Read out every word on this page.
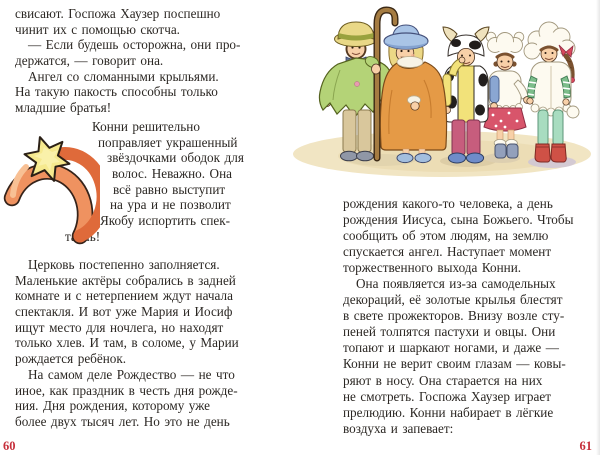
свисают. Госпожа Хаузер поспешно
чинит их с помощью скотча.
— Если будешь осторожна, они про-
держатся, — говорит она.
Ангел со сломанными крыльями.
На такую пакость способны только
младшие братья!
Конни решительно
поправляет украшенный
звёздочками ободок для
волос. Неважно. Она
всё равно выступит
на ура и не позволит
Якобу испортить спек-
такль!
Церковь постепенно заполняется.
Маленькие актёры собрались в задней
комнате и с нетерпением ждут начала
спектакля. И вот уже Мария и Иосиф
ищут место для ночлега, но находят
только хлев. И там, в соломе, у Марии
рождается ребёнок.
На самом деле Рождество — не что
иное, как праздник в честь дня рожде-
ния. Дня рождения, которому уже
более двух тысяч лет. Но это не день
60
рождения какого-то человека, а день
рождения Иисуса, сына Божьего. Чтобы
сообщить об этом людям, на землю
спускается ангел. Наступает момент
торжественного выхода Конни.
Она появляется из-за самодельных
декораций, её золотые крылья блестят
в свете прожекторов. Внизу возле сту-
пеней толпятся пастухи и овцы. Они
топают и шаркают ногами, и даже —
Конни не верит своим глазам — ковы-
ряют в носу. Она старается на них
не смотреть. Госпожа Хаузер играет
прелюдию. Конни набирает в лёгкие
воздуха и запевает:
61
